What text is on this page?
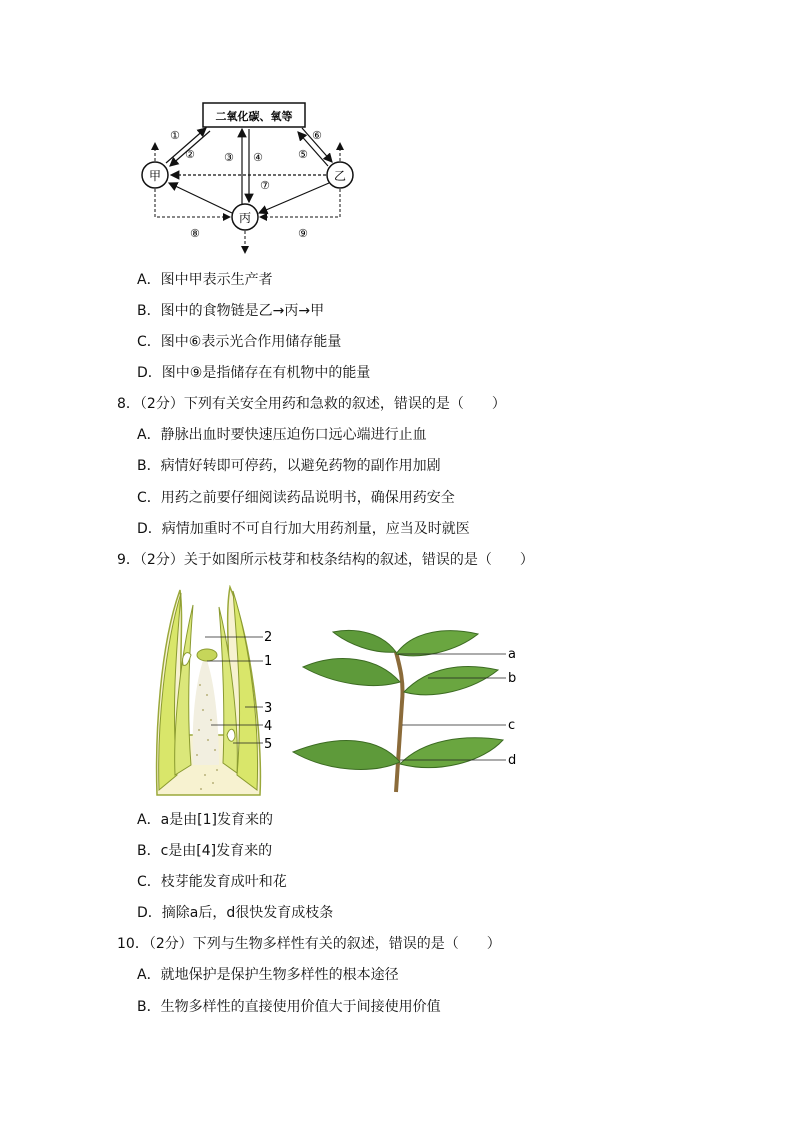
二氧化碳、氧等
甲	乙
丙
①
②	③ ④	⑤
⑥
⑦
⑧	⑨
A．图中甲表示生产者
B．图中的食物链是乙→丙→甲
C．图中⑥表示光合作用储存能量
D．图中⑨是指储存在有机物中的能量
8．（2分）下列有关安全用药和急救的叙述，错误的是（　　）
A．静脉出血时要快速压迫伤口远心端进行止血
B．病情好转即可停药，以避免药物的副作用加剧
C．用药之前要仔细阅读药品说明书，确保用药安全
D．病情加重时不可自行加大用药剂量，应当及时就医
9．（2分）关于如图所示枝芽和枝条结构的叙述，错误的是（　　）
2
1
3
4
5
a
b
c
d
A．a是由[1]发育来的
B．c是由[4]发育来的
C．枝芽能发育成叶和花
D．摘除a后，d很快发育成枝条
10．（2分）下列与生物多样性有关的叙述，错误的是（　　）
A．就地保护是保护生物多样性的根本途径
B．生物多样性的直接使用价值大于间接使用价值
